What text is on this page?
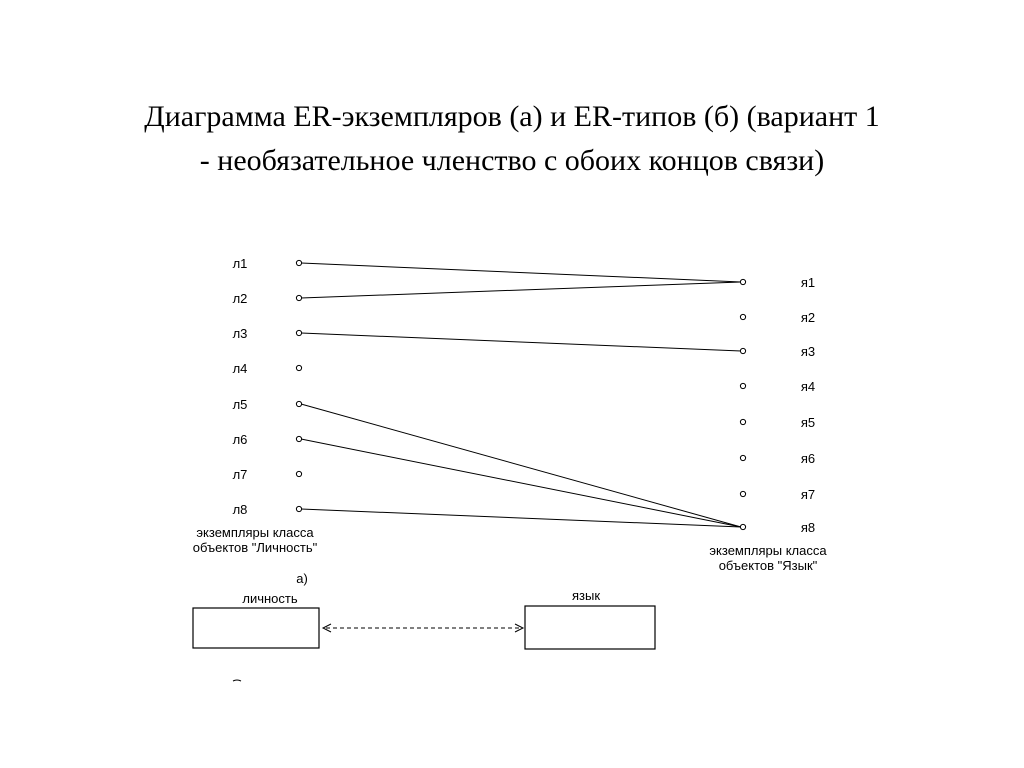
Диаграмма ER-экземпляров (а) и ER-типов (б) (вариант 1
- необязательное членство с обоих концов связи)
л1
л2
л3
л4
л5
л6
л7
л8
я1
я2
я3
я4
я5
я6
я7
я8
экземпляры класса
объектов "Личность"	экземпляры класса
объектов "Язык"
а)
личность	язык
